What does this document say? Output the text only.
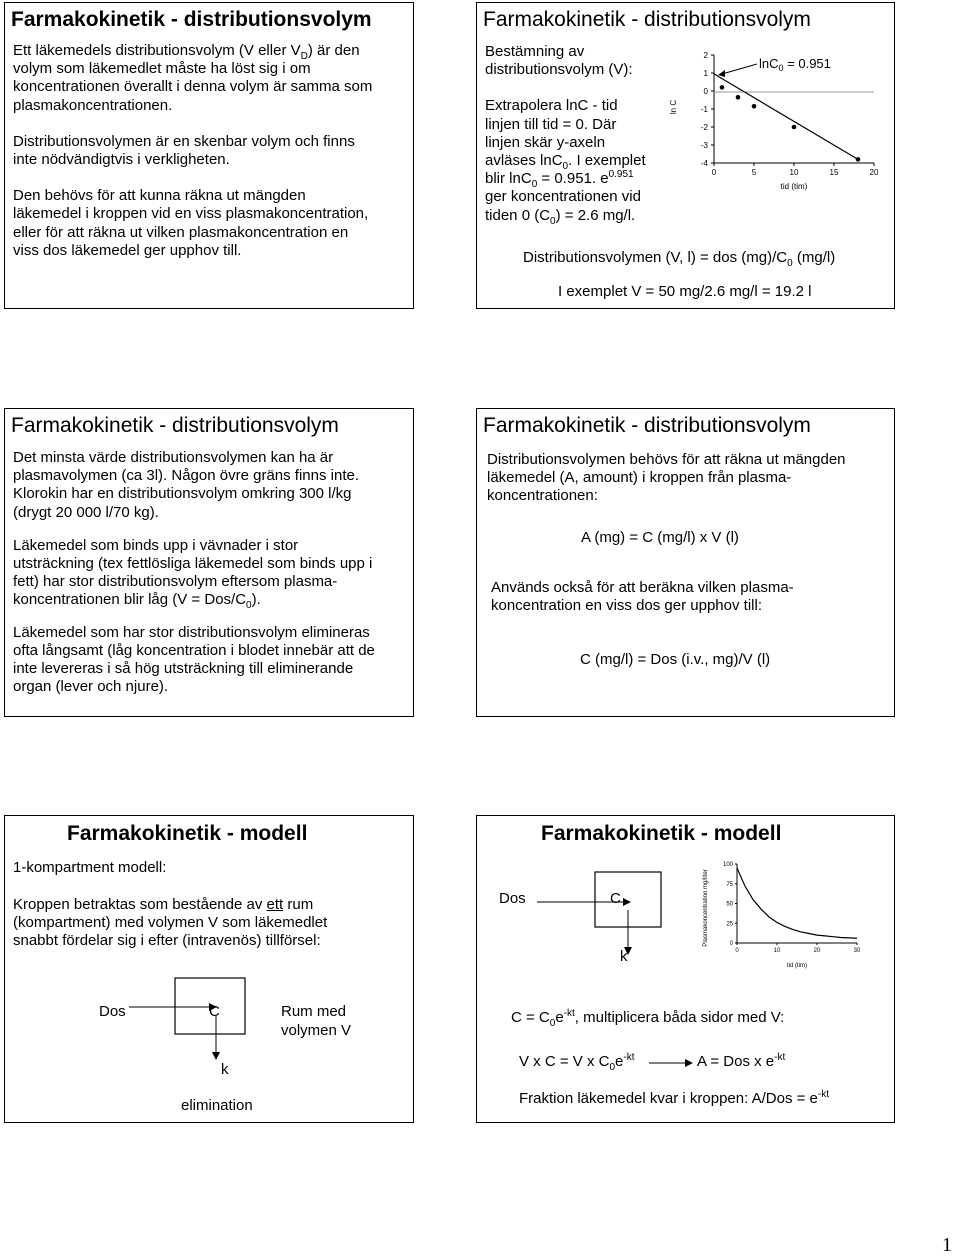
Farmakokinetik - distributionsvolym
Ett läkemedels distributionsvolym (V eller $V_D$) är den
volym som läkemedlet måste ha löst sig i om
koncentrationen överallt i denna volym är samma som
plasmakoncentrationen.
Distributionsvolymen är en skenbar volym och finns
inte nödvändigtvis i verkligheten.
Den behövs för att kunna räkna ut mängden
läkemedel i kroppen vid en viss plasmakoncentration,
eller för att räkna ut vilken plasmakoncentration en
viss dos läkemedel ger upphov till.
Farmakokinetik - distributionsvolym
Bestämning av
distributionsvolym (V):
Extrapolera lnC - tid
linjen till tid = 0. Där
linjen skär y-axeln
avläses lnC$_0$. I exemplet
blir lnC$_0$ = 0.951. $e^{0.951}$
ger koncentrationen vid
tiden 0 $(C_0) = 2.6$ mg/l.
ln C
tid (tim)
2
1
0
-1
-2
-3
-4
0	5	10	15	20
lnC$_0$ = 0.951
Distributionsvolymen (V, l) = dos $(mg)/C_0$ (mg/l)
I exemplet V = 50 mg/2.6 mg/l = 19.2 l
Farmakokinetik - distributionsvolym
Det minsta värde distributionsvolymen kan ha är
plasmavolymen (ca 3l). Någon övre gräns finns inte.
Klorokin har en distributionsvolym omkring 300 l/kg
(drygt 20 000 l/70 kg).
Läkemedel som binds upp i vävnader i stor
utsträckning (tex fettlösliga läkemedel som binds upp i
fett) har stor distributionsvolym eftersom plasma-
koncentrationen blir låg (V = Dos/$C_0$).
Läkemedel som har stor distributionsvolym elimineras
ofta långsamt (låg koncentration i blodet innebär att de
inte levereras i så hög utsträckning till eliminerande
organ (lever och njure).
Farmakokinetik - distributionsvolym
Distributionsvolymen behövs för att räkna ut mängden
läkemedel (A, amount) i kroppen från plasma-
koncentrationen:
A (mg) = C (mg/l) x V (l)
Används också för att beräkna vilken plasma-
koncentration en viss dos ger upphov till:
C (mg/l) = Dos (i.v., mg)/V (l)
Farmakokinetik - modell
1-kompartment modell:
Kroppen betraktas som bestående av ett rum
(kompartment) med volymen V som läkemedlet
snabbt fördelar sig i efter (intravenös) tillförsel:
Dos	C	Rum med
volymen V
k
elimination
Farmakokinetik - modell
Dos	C
k
Plasmakoncentration mg/liter
100
75
50
25
0
0	10	20	30
tid (tim)
$C = C_0e^{-kt}$, multiplicera båda sidor med V:
V x C = V x $C_0e^{-kt}$	A = Dos x $e^{-kt}$
Fraktion läkemedel kvar i kroppen: $A/Dos = e^{-kt}$
1
